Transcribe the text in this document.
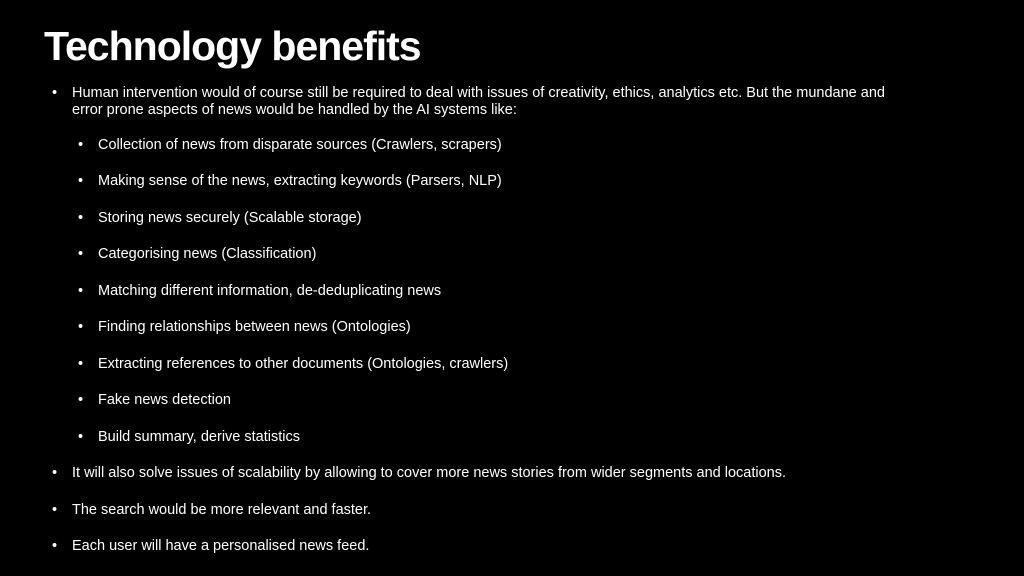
Technology benefits
• Human intervention would of course still be required to deal with issues of creativity, ethics, analytics etc. But the mundane and
error prone aspects of news would be handled by the AI systems like:
• Collection of news from disparate sources (Crawlers, scrapers)
• Making sense of the news, extracting keywords (Parsers, NLP)
• Storing news securely (Scalable storage)
• Categorising news (Classification)
• Matching different information, de-deduplicating news
• Finding relationships between news (Ontologies)
• Extracting references to other documents (Ontologies, crawlers)
• Fake news detection
• Build summary, derive statistics
• It will also solve issues of scalability by allowing to cover more news stories from wider segments and locations.
• The search would be more relevant and faster.
• Each user will have a personalised news feed.
